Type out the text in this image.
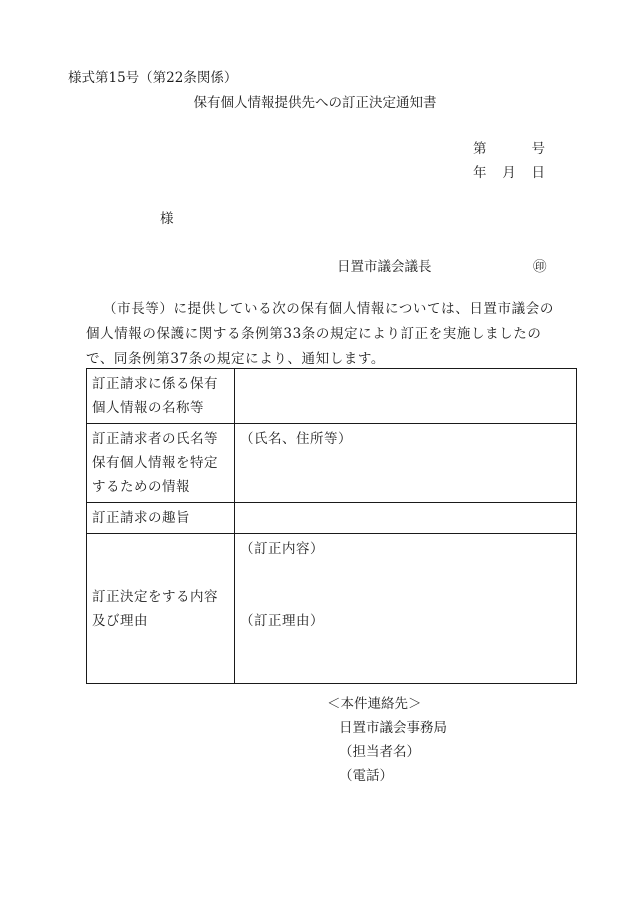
様式第15号（第22条関係）
保有個人情報提供先への訂正決定通知書
第	号
年 月 日
様
日置市議会議長	㊞
（市長等）に提供している次の保有個人情報については、日置市議会の個人情報の保護に関する条例第33条の規定により訂正を実施しましたので、同条例第37条の規定により、通知します。
訂正請求に係る保有個人情報の名称等	
訂正請求者の氏名等保有個人情報を特定するための情報	（氏名、住所等）
訂正請求の趣旨	
訂正決定をする内容及び理由	（訂正内容）
（訂正理由）
＜本件連絡先＞
日置市議会事務局
（担当者名）
（電話）
